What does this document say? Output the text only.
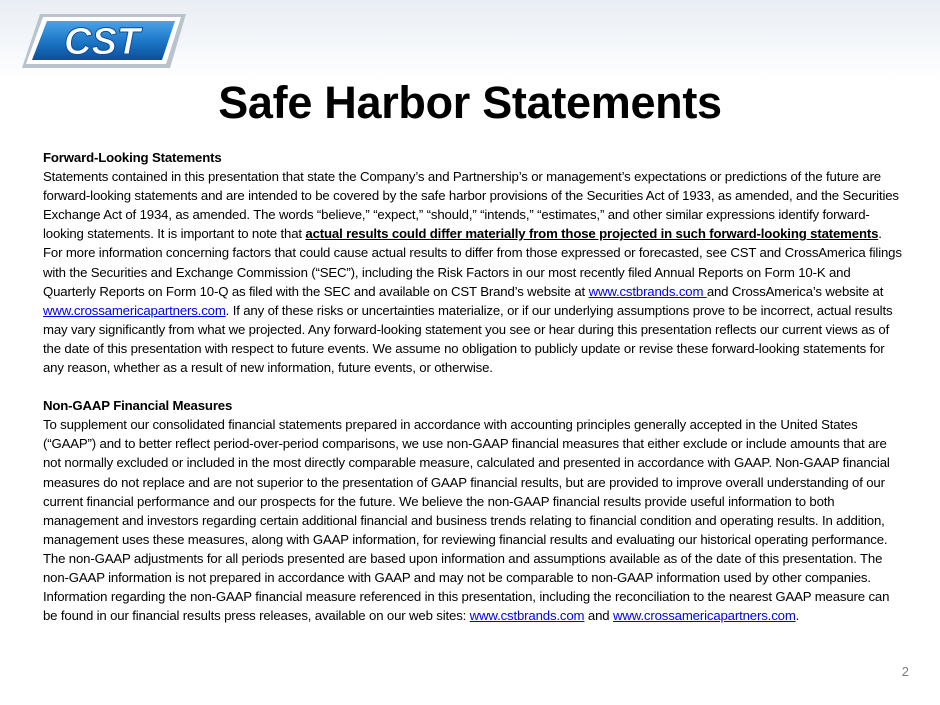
CST
Safe Harbor Statements

Forward-Looking Statements

Statements contained in this presentation that state the Company’s and Partnership’s or management’s expectations or predictions of the future are forward-looking statements and are intended to be covered by the safe harbor provisions of the Securities Act of 1933, as amended, and the Securities Exchange Act of 1934, as amended. The words “believe,” “expect,” “should,” “intends,” “estimates,” and other similar expressions identify forward-looking statements. It is important to note that actual results could differ materially from those projected in such forward-looking statements. For more information concerning factors that could cause actual results to differ from those expressed or forecasted, see CST and CrossAmerica filings with the Securities and Exchange Commission (“SEC”), including the Risk Factors in our most recently filed Annual Reports on Form 10-K and Quarterly Reports on Form 10-Q as filed with the SEC and available on CST Brand’s website at www.cstbrands.com and CrossAmerica’s website at www.crossamericapartners.com. If any of these risks or uncertainties materialize, or if our underlying assumptions prove to be incorrect, actual results may vary significantly from what we projected. Any forward-looking statement you see or hear during this presentation reflects our current views as of the date of this presentation with respect to future events. We assume no obligation to publicly update or revise these forward-looking statements for any reason, whether as a result of new information, future events, or otherwise.

Non-GAAP Financial Measures

To supplement our consolidated financial statements prepared in accordance with accounting principles generally accepted in the United States (“GAAP”) and to better reflect period-over-period comparisons, we use non-GAAP financial measures that either exclude or include amounts that are not normally excluded or included in the most directly comparable measure, calculated and presented in accordance with GAAP. Non-GAAP financial measures do not replace and are not superior to the presentation of GAAP financial results, but are provided to improve overall understanding of our current financial performance and our prospects for the future. We believe the non-GAAP financial results provide useful information to both management and investors regarding certain additional financial and business trends relating to financial condition and operating results. In addition, management uses these measures, along with GAAP information, for reviewing financial results and evaluating our historical operating performance. The non-GAAP adjustments for all periods presented are based upon information and assumptions available as of the date of this presentation. The non-GAAP information is not prepared in accordance with GAAP and may not be comparable to non-GAAP information used by other companies. Information regarding the non-GAAP financial measure referenced in this presentation, including the reconciliation to the nearest GAAP measure can be found in our financial results press releases, available on our web sites: www.cstbrands.com and www.crossamericapartners.com.

2
